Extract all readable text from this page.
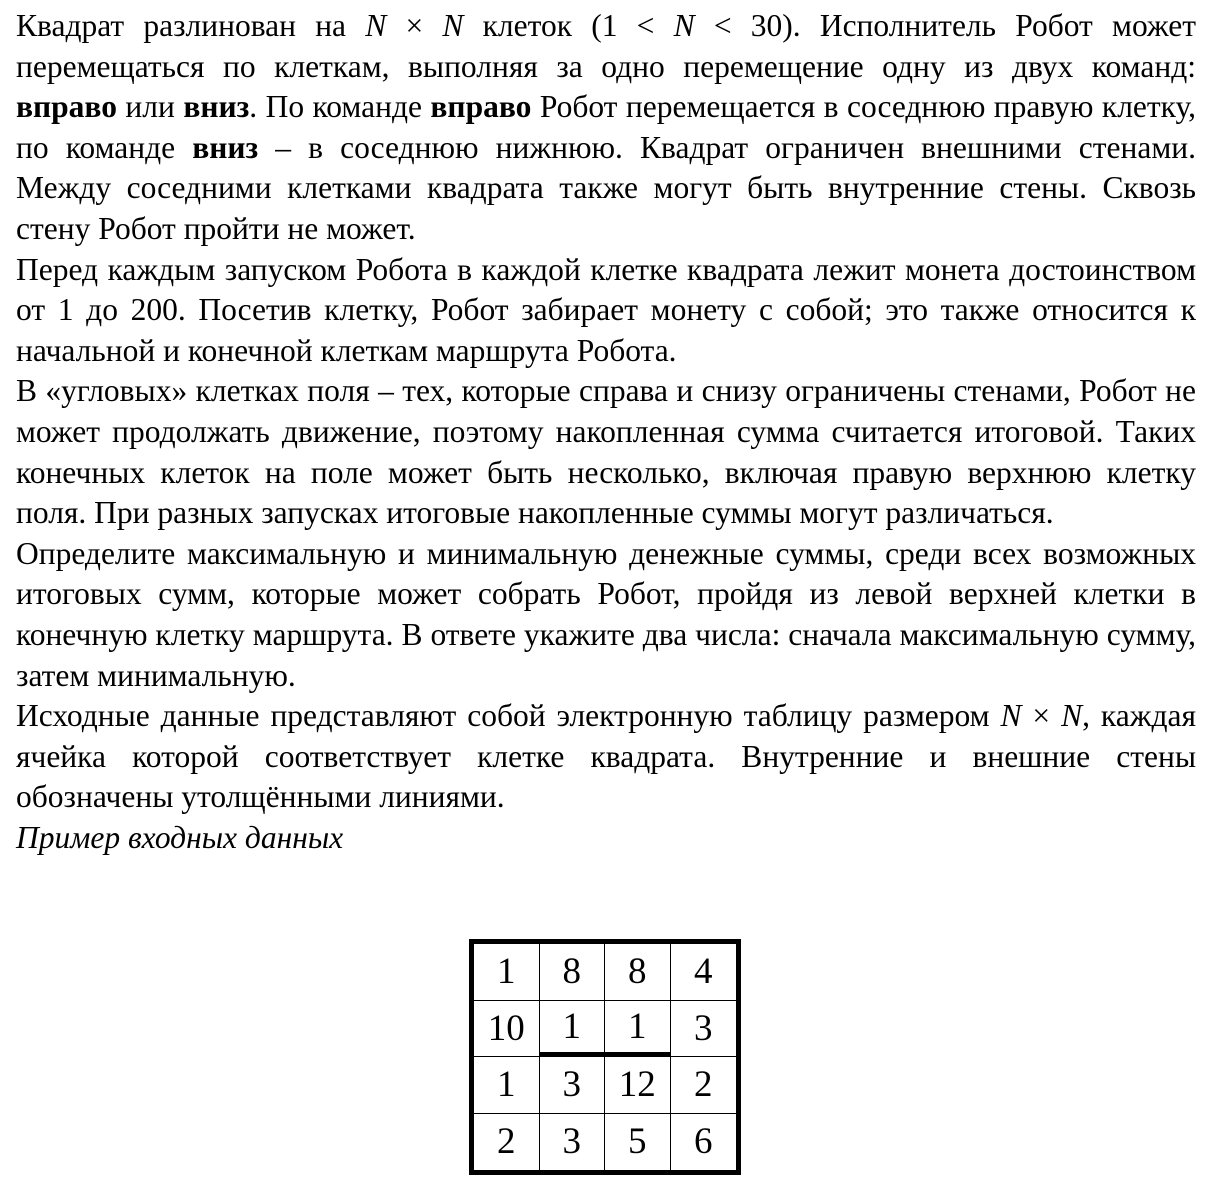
Квадрат разлинован на N × N клеток (1 < N < 30). Исполнитель Робот может перемещаться по клеткам, выполняя за одно перемещение одну из двух команд: вправо или вниз. По команде вправо Робот перемещается в соседнюю правую клетку, по команде вниз – в соседнюю нижнюю. Квадрат ограничен внешними стенами. Между соседними клетками квадрата также могут быть внутренние стены. Сквозь стену Робот пройти не может.

Перед каждым запуском Робота в каждой клетке квадрата лежит монета достоинством от 1 до 200. Посетив клетку, Робот забирает монету с собой; это также относится к начальной и конечной клеткам маршрута Робота.

В «угловых» клетках поля – тех, которые справа и снизу ограничены стенами, Робот не может продолжать движение, поэтому накопленная сумма считается итоговой. Таких конечных клеток на поле может быть несколько, включая правую верхнюю клетку поля. При разных запусках итоговые накопленные суммы могут различаться.

Определите максимальную и минимальную денежные суммы, среди всех возможных итоговых сумм, которые может собрать Робот, пройдя из левой верхней клетки в конечную клетку маршрута. В ответе укажите два числа: сначала максимальную сумму, затем минимальную.

Исходные данные представляют собой электронную таблицу размером N × N, каждая ячейка которой соответствует клетке квадрата. Внутренние и внешние стены обозначены утолщёнными линиями.

Пример входных данных

1	8	8	4
10	1	1	3
1	3	12	2
2	3	5	6
